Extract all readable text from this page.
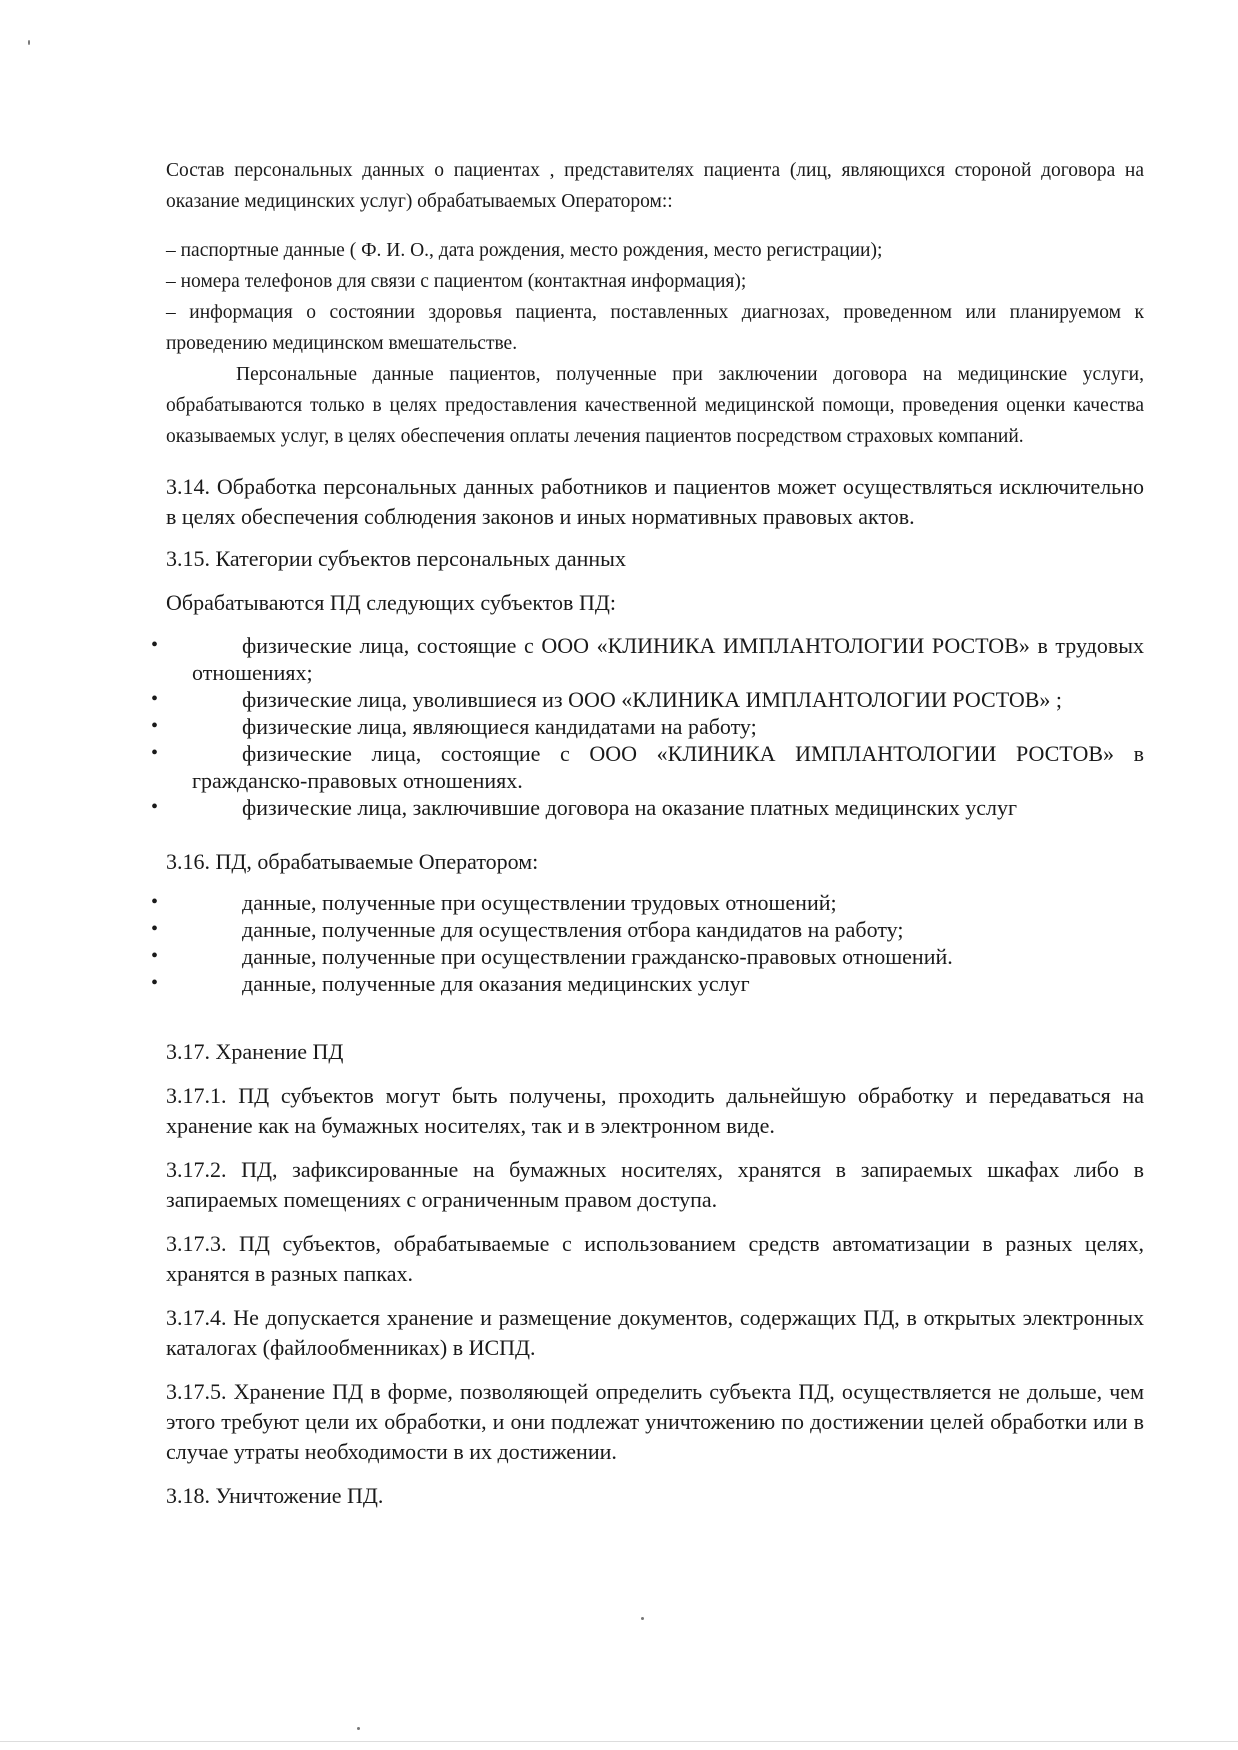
Состав персональных данных о пациентах , представителях пациента (лиц, являющихся стороной договора на оказание медицинских услуг) обрабатываемых Оператором::

– паспортные данные ( Ф. И. О., дата рождения, место рождения, место регистрации);
– номера телефонов для связи с пациентом (контактная информация);
– информация о состоянии здоровья пациента, поставленных диагнозах, проведенном или планируемом к проведению медицинском вмешательстве.

Персональные данные пациентов, полученные при заключении договора на медицинские услуги, обрабатываются только в целях предоставления качественной медицинской помощи, проведения оценки качества оказываемых услуг, в целях обеспечения оплаты лечения пациентов посредством страховых компаний.

3.14. Обработка персональных данных работников и пациентов может осуществляться исключительно в целях обеспечения соблюдения законов и иных нормативных правовых актов.

3.15. Категории субъектов персональных данных

Обрабатываются ПД следующих субъектов ПД:

• физические лица, состоящие с ООО «КЛИНИКА ИМПЛАНТОЛОГИИ РОСТОВ» в трудовых отношениях;
• физические лица, уволившиеся из ООО «КЛИНИКА ИМПЛАНТОЛОГИИ РОСТОВ» ;
• физические лица, являющиеся кандидатами на работу;
• физические лица, состоящие с ООО «КЛИНИКА ИМПЛАНТОЛОГИИ РОСТОВ» в гражданско-правовых отношениях.
• физические лица, заключившие договора на оказание платных медицинских услуг

3.16. ПД, обрабатываемые Оператором:

• данные, полученные при осуществлении трудовых отношений;
• данные, полученные для осуществления отбора кандидатов на работу;
• данные, полученные при осуществлении гражданско-правовых отношений.
• данные, полученные для оказания медицинских услуг

3.17. Хранение ПД

3.17.1. ПД субъектов могут быть получены, проходить дальнейшую обработку и передаваться на хранение как на бумажных носителях, так и в электронном виде.

3.17.2. ПД, зафиксированные на бумажных носителях, хранятся в запираемых шкафах либо в запираемых помещениях с ограниченным правом доступа.

3.17.3. ПД субъектов, обрабатываемые с использованием средств автоматизации в разных целях, хранятся в разных папках.

3.17.4. Не допускается хранение и размещение документов, содержащих ПД, в открытых электронных каталогах (файлообменниках) в ИСПД.

3.17.5. Хранение ПД в форме, позволяющей определить субъекта ПД, осуществляется не дольше, чем этого требуют цели их обработки, и они подлежат уничтожению по достижении целей обработки или в случае утраты необходимости в их достижении.

3.18. Уничтожение ПД.
